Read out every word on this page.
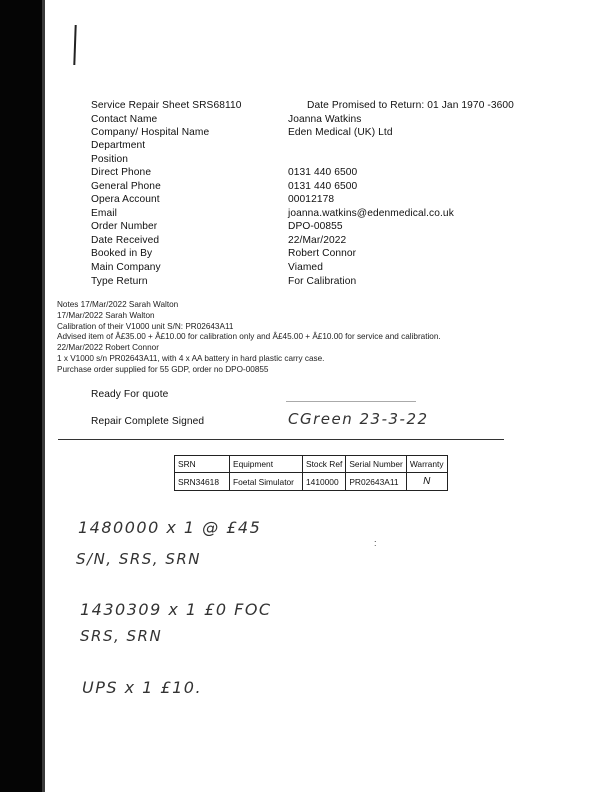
Service Repair Sheet SRS68110	Date Promised to Return: 01 Jan 1970 -3600
Contact Name	Joanna Watkins
Company/ Hospital Name	Eden Medical (UK) Ltd
Department
Position
Direct Phone	0131 440 6500
General Phone	0131 440 6500
Opera Account	00012178
Email	joanna.watkins@edenmedical.co.uk
Order Number	DPO-00855
Date Received	22/Mar/2022
Booked in By	Robert Connor
Main Company	Viamed
Type Return	For Calibration
Notes 17/Mar/2022 Sarah Walton
17/Mar/2022 Sarah Walton
Calibration of their V1000 unit S/N: PR02643A11
Advised item of Â£35.00 + Â£10.00 for calibration only and Â£45.00 + Â£10.00 for service and calibration.
22/Mar/2022 Robert Connor
1 x V1000 s/n PR02643A11, with 4 x AA battery in hard plastic carry case.
Purchase order supplied for 55 GDP, order no DPO-00855
Ready For quote
Repair Complete Signed	CGreen 23-3-22
SRN	Equipment	Stock Ref	Serial Number	Warranty
SRN34618	Foetal Simulator	1410000	PR02643A11	N
1480000 x 1 @ £45
S/N, SRS, SRN
:
1430309 x 1 £0 FOC
SRS, SRN
UPS x 1 £10.
